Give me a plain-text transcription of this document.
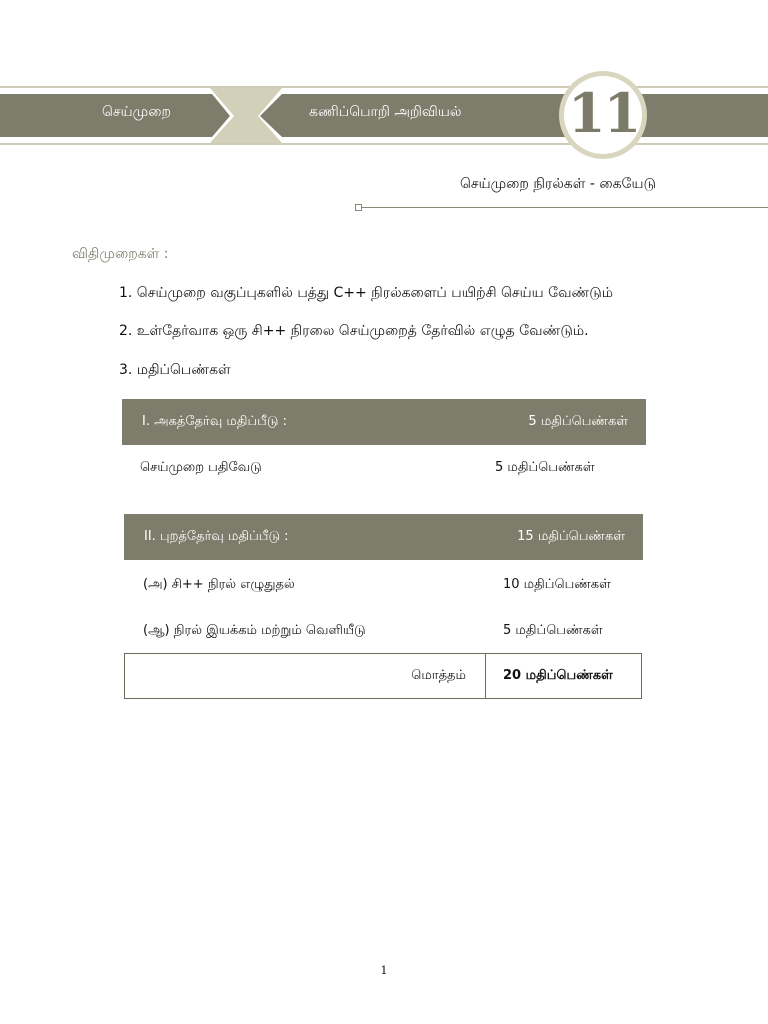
செய்முறை	கணிப்பொறி அறிவியல் 11
செய்முறை நிரல்கள் - கையேடு
விதிமுறைகள் :
1. செய்முறை வகுப்புகளில் பத்து C++ நிரல்களைப் பயிற்சி செய்ய வேண்டும்
2. உள்தேர்வாக ஒரு சி++ நிரலை செய்முறைத் தேர்வில் எழுத வேண்டும்.
3. மதிப்பெண்கள்
I. அகத்தேர்வு மதிப்பீடு :	5 மதிப்பெண்கள்
செய்முறை பதிவேடு	5 மதிப்பெண்கள்
II. புறத்தேர்வு மதிப்பீடு :	15 மதிப்பெண்கள்
(அ) சி++ நிரல் எழுதுதல்	10 மதிப்பெண்கள்
(ஆ) நிரல் இயக்கம் மற்றும் வெளியீடு	5 மதிப்பெண்கள்
மொத்தம்	20 மதிப்பெண்கள்
1
